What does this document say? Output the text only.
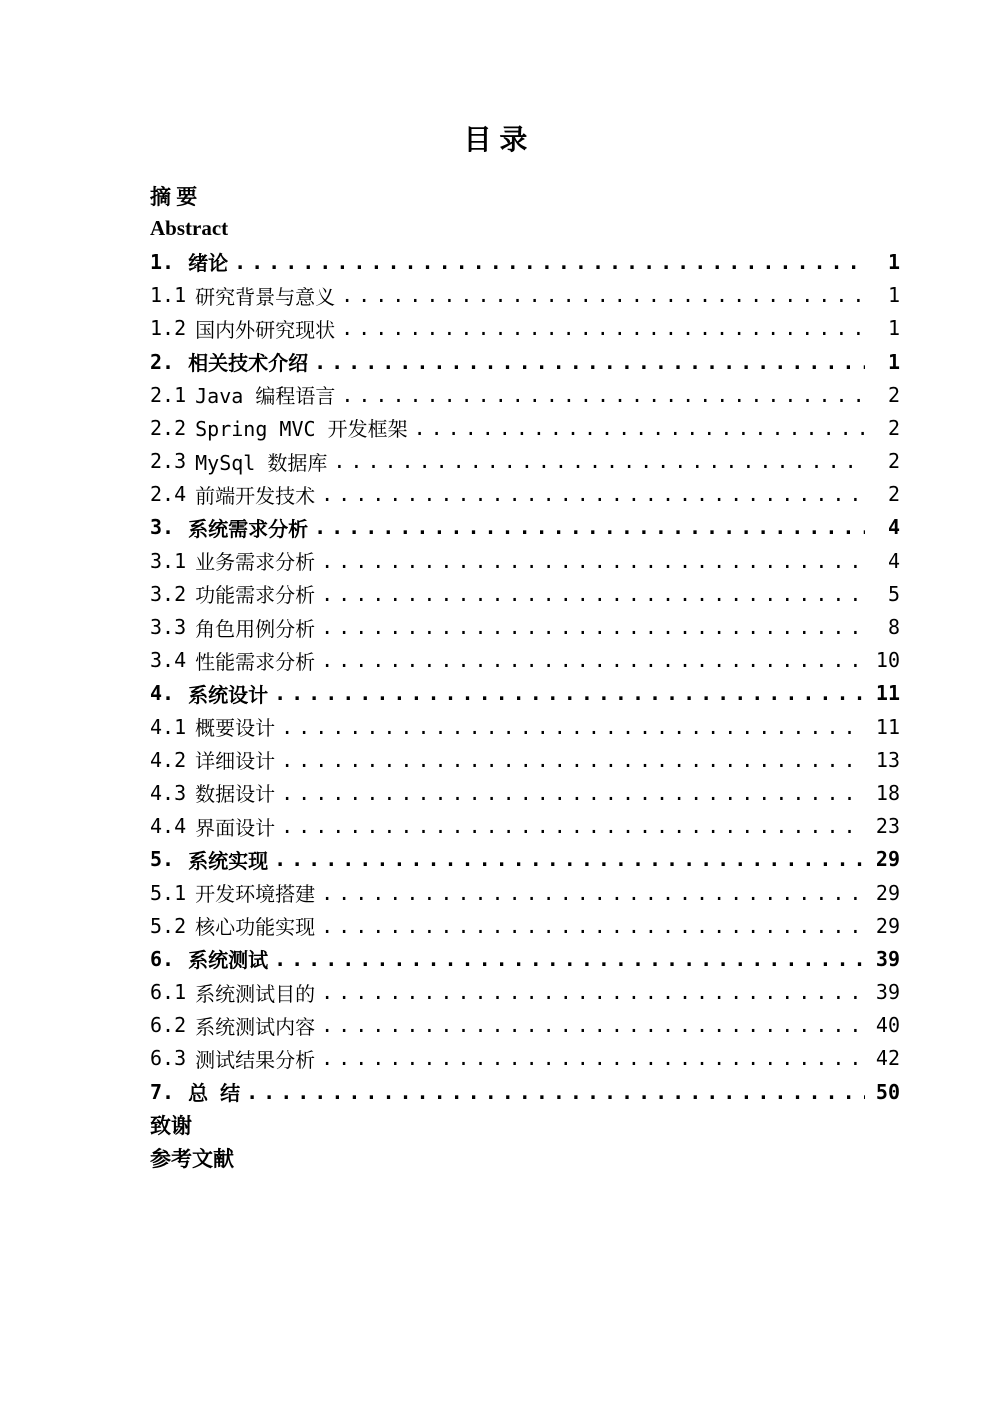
目 录
摘 要
Abstract
1. 绪论 .....	1
1.1 研究背景与意义 .....	1
1.2 国内外研究现状 .....	1
2. 相关技术介绍 .....	1
2.1 Java 编程语言 .....	2
2.2 Spring MVC 开发框架 .....	2
2.3 MySql 数据库 .....	2
2.4 前端开发技术 .....	2
3. 系统需求分析 .....	4
3.1 业务需求分析 .....	4
3.2 功能需求分析 .....	5
3.3 角色用例分析 .....	8
3.4 性能需求分析 .....	10
4. 系统设计 .....	11
4.1 概要设计 .....	11
4.2 详细设计 .....	13
4.3 数据设计 .....	18
4.4 界面设计 .....	23
5. 系统实现 .....	29
5.1 开发环境搭建 .....	29
5.2 核心功能实现 .....	29
6. 系统测试 .....	39
6.1 系统测试目的 .....	39
6.2 系统测试内容 .....	40
6.3 测试结果分析 .....	42
7. 总 结 .....	50
致谢
参考文献
